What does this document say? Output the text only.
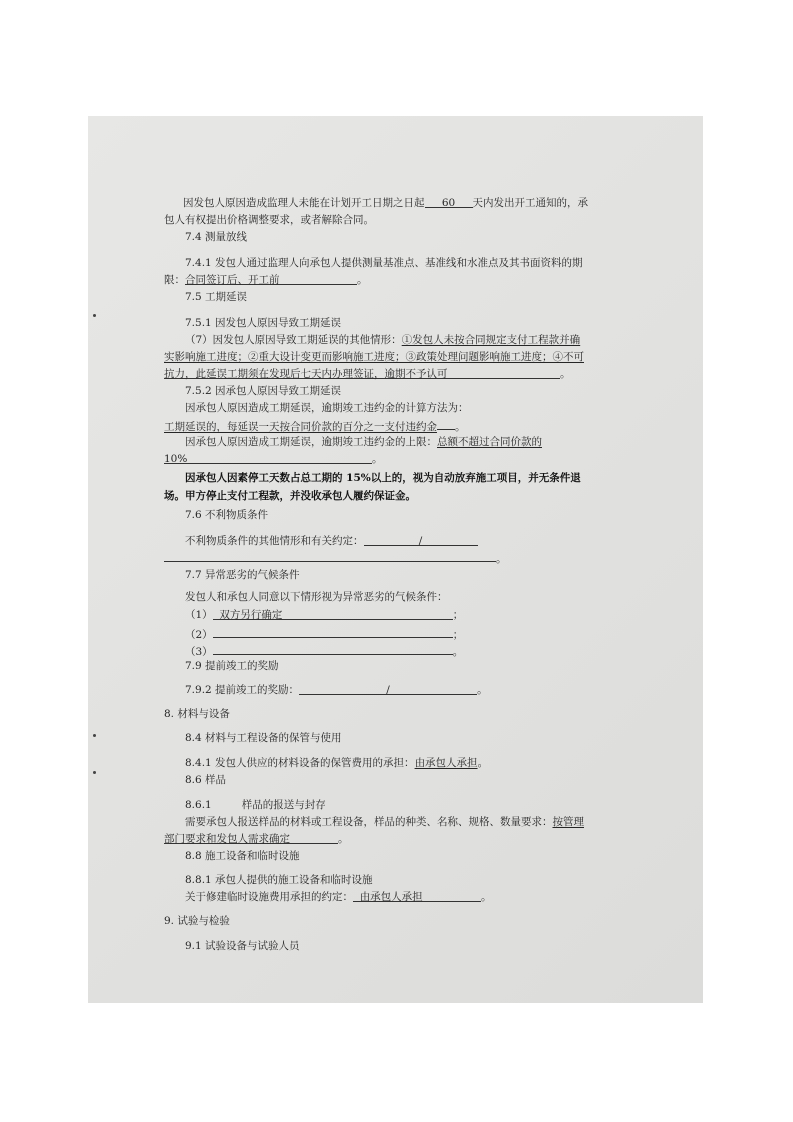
因发包人原因造成监理人未能在计划开工日期之日起 60 天内发出开工通知的，承
包人有权提出价格调整要求，或者解除合同。
7.4 测量放线
7.4.1 发包人通过监理人向承包人提供测量基准点、基准线和水准点及其书面资料的期
限：合同签订后、开工前	。
7.5 工期延误
7.5.1 因发包人原因导致工期延误
（7）因发包人原因导致工期延误的其他情形：①发包人未按合同规定支付工程款并确
实影响施工进度；②重大设计变更而影响施工进度；③政策处理问题影响施工进度；④不可
抗力，此延误工期须在发现后七天内办理签证，逾期不予认可	。
7.5.2 因承包人原因导致工期延误
因承包人原因造成工期延误，逾期竣工违约金的计算方法为：
工期延误的，每延误一天按合同价款的百分之一支付违约金 。
因承包人原因造成工期延误，逾期竣工违约金的上限：总额不超过合同价款的
10%	。
因承包人因素停工天数占总工期的 15%以上的，视为自动放弃施工项目，并无条件退
场。甲方停止支付工程款，并没收承包人履约保证金。
7.6 不利物质条件
不利物质条件的其他情形和有关约定：	/
。
7.7 异常恶劣的气候条件
发包人和承包人同意以下情形视为异常恶劣的气候条件：
（1） 双方另行确定	；
（2）	；
（3）	。
7.9 提前竣工的奖励
7.9.2 提前竣工的奖励：	/	。
8. 材料与设备
8.4 材料与工程设备的保管与使用
8.4.1 发包人供应的材料设备的保管费用的承担：由承包人承担。
8.6 样品
8.6.1	样品的报送与封存
需要承包人报送样品的材料或工程设备，样品的种类、名称、规格、数量要求：按管理
部门要求和发包人需求确定	。
8.8 施工设备和临时设施
8.8.1 承包人提供的施工设备和临时设施
关于修建临时设施费用承担的约定： 由承包人承担	。
9. 试验与检验
9.1 试验设备与试验人员
